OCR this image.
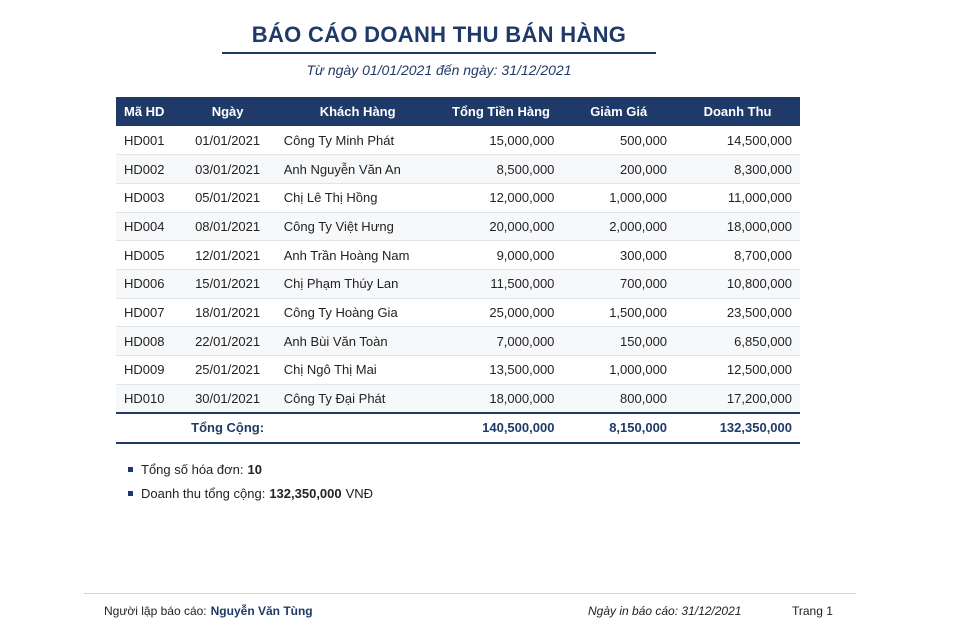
BÁO CÁO DOANH THU BÁN HÀNG
Từ ngày 01/01/2021 đến ngày: 31/12/2021
Mã HD	Ngày	Khách Hàng	Tổng Tiền Hàng	Giảm Giá	Doanh Thu
HD001	01/01/2021	Công Ty Minh Phát	15,000,000	500,000	14,500,000
HD002	03/01/2021	Anh Nguyễn Văn An	8,500,000	200,000	8,300,000
HD003	05/01/2021	Chị Lê Thị Hồng	12,000,000	1,000,000	11,000,000
HD004	08/01/2021	Công Ty Việt Hưng	20,000,000	2,000,000	18,000,000
HD005	12/01/2021	Anh Trần Hoàng Nam	9,000,000	300,000	8,700,000
HD006	15/01/2021	Chị Phạm Thúy Lan	11,500,000	700,000	10,800,000
HD007	18/01/2021	Công Ty Hoàng Gia	25,000,000	1,500,000	23,500,000
HD008	22/01/2021	Anh Bùi Văn Toàn	7,000,000	150,000	6,850,000
HD009	25/01/2021	Chị Ngô Thị Mai	13,500,000	1,000,000	12,500,000
HD010	30/01/2021	Công Ty Đại Phát	18,000,000	800,000	17,200,000
	Tổng Cộng:		140,500,000	8,150,000	132,350,000
Tổng số hóa đơn: 10
Doanh thu tổng cộng: 132,350,000 VNĐ
Người lập báo cáo: Nguyễn Văn Tùng	Ngày in báo cáo: 31/12/2021	Trang 1
